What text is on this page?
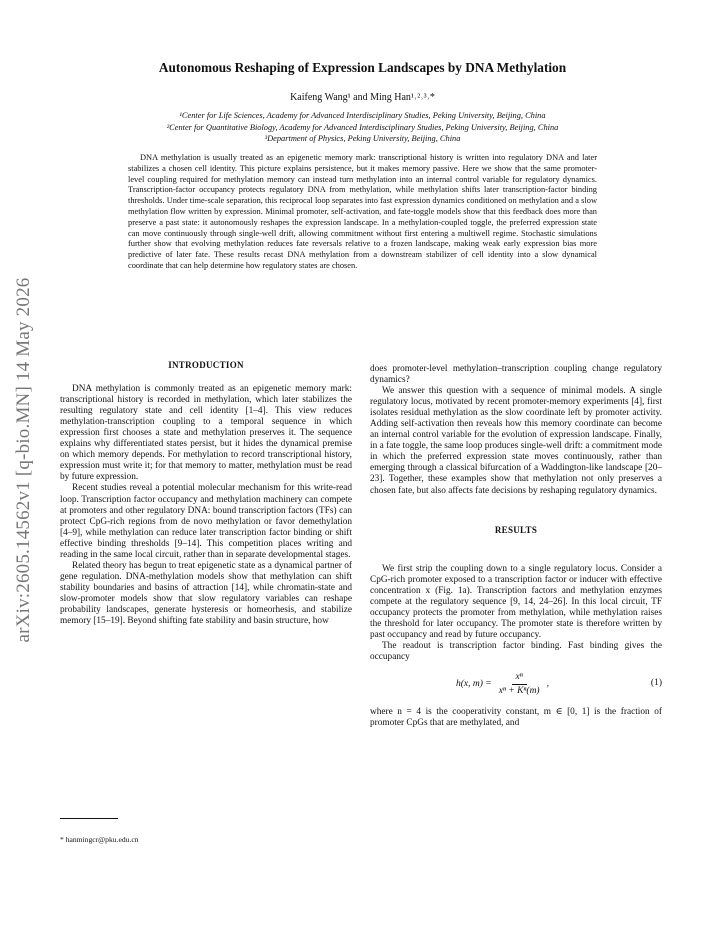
arXiv:2605.14562v1 [q-bio.MN] 14 May 2026
Autonomous Reshaping of Expression Landscapes by DNA Methylation
Kaifeng Wang¹ and Ming Han¹˒²˒³˒*
¹Center for Life Sciences, Academy for Advanced Interdisciplinary Studies, Peking University, Beijing, China
²Center for Quantitative Biology, Academy for Advanced Interdisciplinary Studies, Peking University, Beijing, China
³Department of Physics, Peking University, Beijing, China

DNA methylation is usually treated as an epigenetic memory mark: transcriptional history is written into regulatory DNA and later stabilizes a chosen cell identity. This picture explains persistence, but it makes memory passive. Here we show that the same promoter-level coupling required for methylation memory can instead turn methylation into an internal control variable for regulatory dynamics. Transcription-factor occupancy protects regulatory DNA from methylation, while methylation shifts later transcription-factor binding thresholds. Under time-scale separation, this reciprocal loop separates into fast expression dynamics conditioned on methylation and a slow methylation flow written by expression. Minimal promoter, self-activation, and fate-toggle models show that this feedback does more than preserve a past state: it autonomously reshapes the expression landscape. In a methylation-coupled toggle, the preferred expression state can move continuously through single-well drift, allowing commitment without first entering a multiwell regime. Stochastic simulations further show that evolving methylation reduces fate reversals relative to a frozen landscape, making weak early expression bias more predictive of later fate. These results recast DNA methylation from a downstream stabilizer of cell identity into a slow dynamical coordinate that can help determine how regulatory states are chosen.

INTRODUCTION

DNA methylation is commonly treated as an epigenetic memory mark: transcriptional history is recorded in methylation, which later stabilizes the resulting regulatory state and cell identity [1–4]. This view reduces methylation-transcription coupling to a temporal sequence in which expression first chooses a state and methylation preserves it. The sequence explains why differentiated states persist, but it hides the dynamical premise on which memory depends. For methylation to record transcriptional history, expression must write it; for that memory to matter, methylation must be read by future expression.

Recent studies reveal a potential molecular mechanism for this write-read loop. Transcription factor occupancy and methylation machinery can compete at promoters and other regulatory DNA: bound transcription factors (TFs) can protect CpG-rich regions from de novo methylation or favor demethylation [4–9], while methylation can reduce later transcription factor binding or shift effective binding thresholds [9–14]. This competition places writing and reading in the same local circuit, rather than in separate developmental stages.

Related theory has begun to treat epigenetic state as a dynamical partner of gene regulation. DNA-methylation models show that methylation can shift stability boundaries and basins of attraction [14], while chromatin-state and slow-promoter models show that slow regulatory variables can reshape probability landscapes, generate hysteresis or homeorhesis, and stabilize memory [15–19]. Beyond shifting fate stability and basin structure, how

does promoter-level methylation–transcription coupling change regulatory dynamics?

We answer this question with a sequence of minimal models. A single regulatory locus, motivated by recent promoter-memory experiments [4], first isolates residual methylation as the slow coordinate left by promoter activity. Adding self-activation then reveals how this memory coordinate can become an internal control variable for the evolution of expression landscape. Finally, in a fate toggle, the same loop produces single-well drift: a commitment mode in which the preferred expression state moves continuously, rather than emerging through a classical bifurcation of a Waddington-like landscape [20–23]. Together, these examples show that methylation not only preserves a chosen fate, but also affects fate decisions by reshaping regulatory dynamics.

RESULTS

We first strip the coupling down to a single regulatory locus. Consider a CpG-rich promoter exposed to a transcription factor or inducer with effective concentration x (Fig. 1a). Transcription factors and methylation enzymes compete at the regulatory sequence [9, 14, 24–26]. In this local circuit, TF occupancy protects the promoter from methylation, while methylation raises the threshold for later occupancy. The promoter state is therefore written by past occupancy and read by future occupancy.

The readout is transcription factor binding. Fast binding gives the occupancy

h(x, $m) = \frac{\text{xⁿ}}{\text{xⁿ + Kⁿ(m)}}$ ,	(1)

where n = 4 is the cooperativity constant, m ∈ [0, 1] is the fraction of promoter CpGs that are methylated, and

* hanmingcr@pku.edu.cn
